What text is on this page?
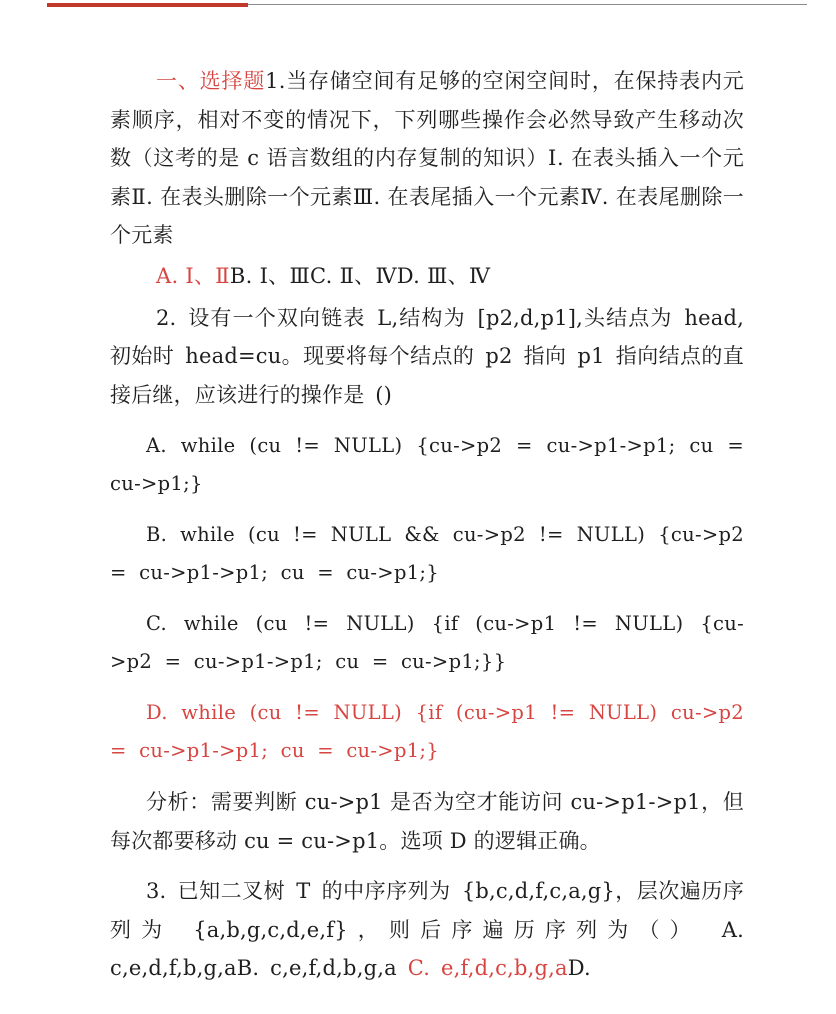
一、选择题1.当存储空间有足够的空闲空间时，在保持表内元素顺序，相对不变的情况下，下列哪些操作会必然导致产生移动次数（这考的是 c 语言数组的内存复制的知识）Ⅰ. 在表头插入一个元素Ⅱ. 在表头删除一个元素Ⅲ. 在表尾插入一个元素Ⅳ. 在表尾删除一个元素

A. Ⅰ、ⅡB. Ⅰ、ⅢC. Ⅱ、ⅣD. Ⅲ、Ⅳ

2. 设有一个双向链表 L,结构为 [p2,d,p1],头结点为 head,初始时 head=cu。现要将每个结点的 p2 指向 p1 指向结点的直接后继，应该进行的操作是 ()

A. while (cu != NULL) {cu->p2 = cu->p1->p1; cu = cu->p1;}

B. while (cu != NULL && cu->p2 != NULL) {cu->p2 = cu->p1->p1; cu = cu->p1;}

C. while (cu != NULL) {if (cu->p1 != NULL) {cu->p2 = cu->p1->p1; cu = cu->p1;}}

D. while (cu != NULL) {if (cu->p1 != NULL) cu->p2 = cu->p1->p1; cu = cu->p1;}

分析：需要判断 cu->p1 是否为空才能访问 cu->p1->p1，但每次都要移动 cu = cu->p1。选项 D 的逻辑正确。

3. 已知二叉树 T 的中序序列为 {b,c,d,f,c,a,g}，层次遍历序列为 {a,b,g,c,d,e,f}，则后序遍历序列为（） A. c,e,d,f,b,g,aB. c,e,f,d,b,g,a C. e,f,d,c,b,g,aD.
